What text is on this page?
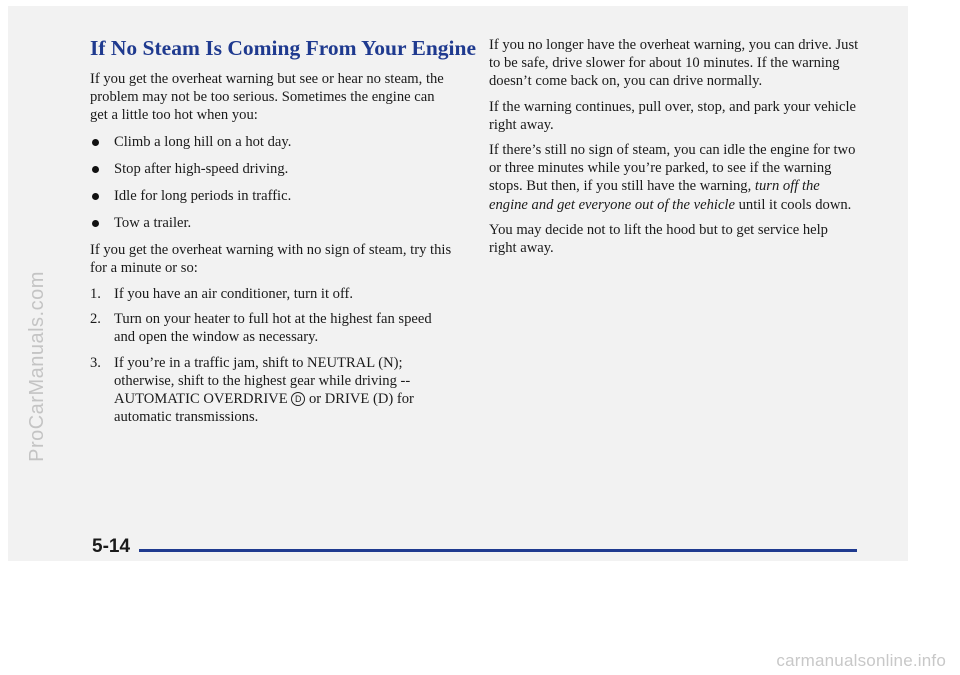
ProCarManuals.com
If No Steam Is Coming From Your Engine

If you get the overheat warning but see or hear no steam, the problem may not be too serious. Sometimes the engine can get a little too hot when you:

Climb a long hill on a hot day.
Stop after high-speed driving.
Idle for long periods in traffic.
Tow a trailer.

If you get the overheat warning with no sign of steam, try this for a minute or so:

1. If you have an air conditioner, turn it off.
2. Turn on your heater to full hot at the highest fan speed and open the window as necessary.
3. If you’re in a traffic jam, shift to NEUTRAL (N); otherwise, shift to the highest gear while driving --AUTOMATIC OVERDRIVE D or DRIVE (D) for automatic transmissions.

If you no longer have the overheat warning, you can drive. Just to be safe, drive slower for about 10 minutes. If the warning doesn’t come back on, you can drive normally.

If the warning continues, pull over, stop, and park your vehicle right away.

If there’s still no sign of steam, you can idle the engine for two or three minutes while you’re parked, to see if the warning stops. But then, if you still have the warning, turn off the engine and get everyone out of the vehicle until it cools down.

You may decide not to lift the hood but to get service help right away.

5-14
carmanualsonline.info
